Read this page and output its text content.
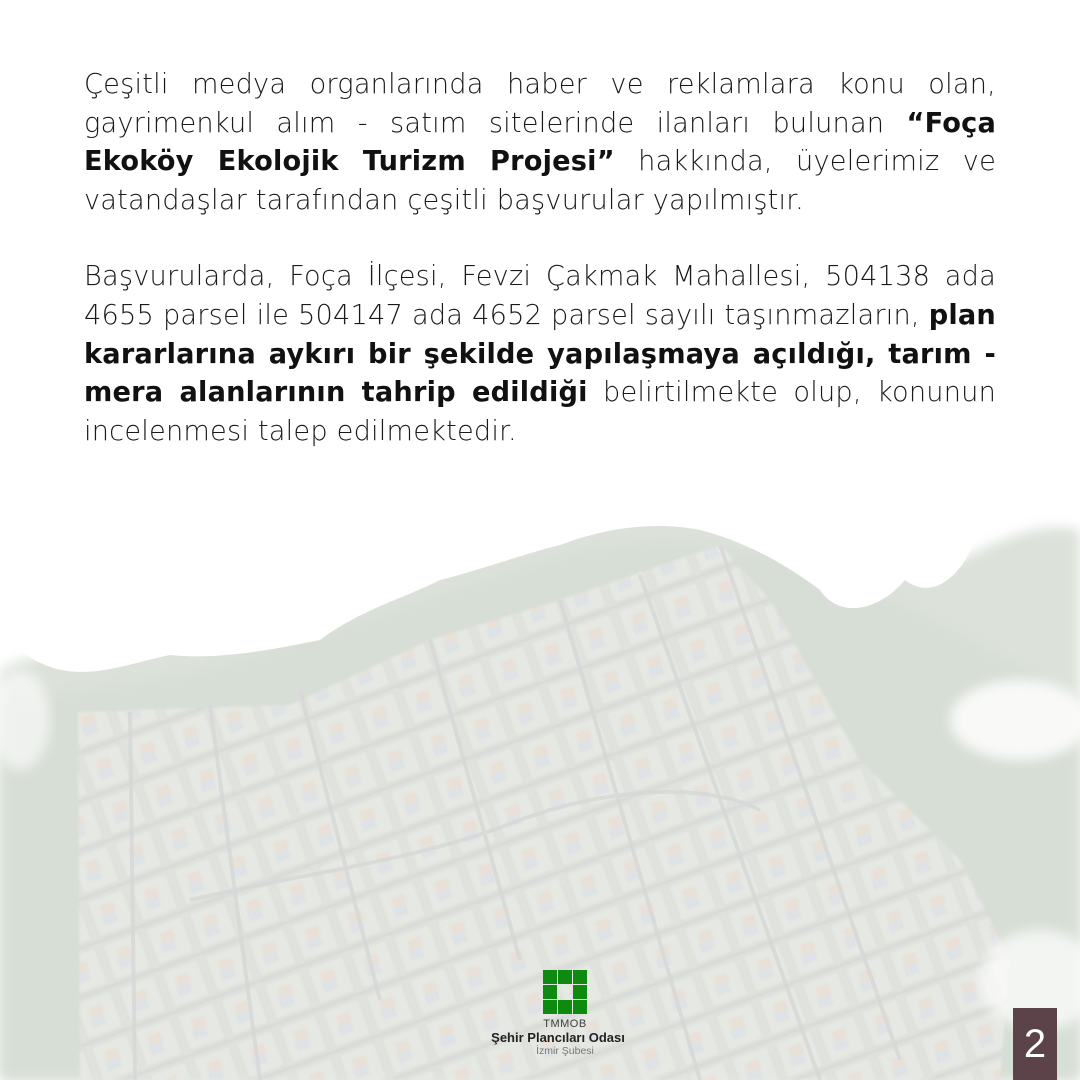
Çeşitli medya organlarında haber ve reklamlara konu olan, gayrimenkul alım - satım sitelerinde ilanları bulunan “Foça Ekoköy Ekolojik Turizm Projesi” hakkında, üyelerimiz ve vatandaşlar tarafından çeşitli başvurular yapılmıştır.

Başvurularda, Foça İlçesi, Fevzi Çakmak Mahallesi, 504138 ada 4655 parsel ile 504147 ada 4652 parsel sayılı taşınmazların, plan kararlarına aykırı bir şekilde yapılaşmaya açıldığı, tarım - mera alanlarının tahrip edildiği belirtilmekte olup, konunun incelenmesi talep edilmektedir.

TMMOB
Şehir Plancıları Odası
İzmir Şubesi	2
